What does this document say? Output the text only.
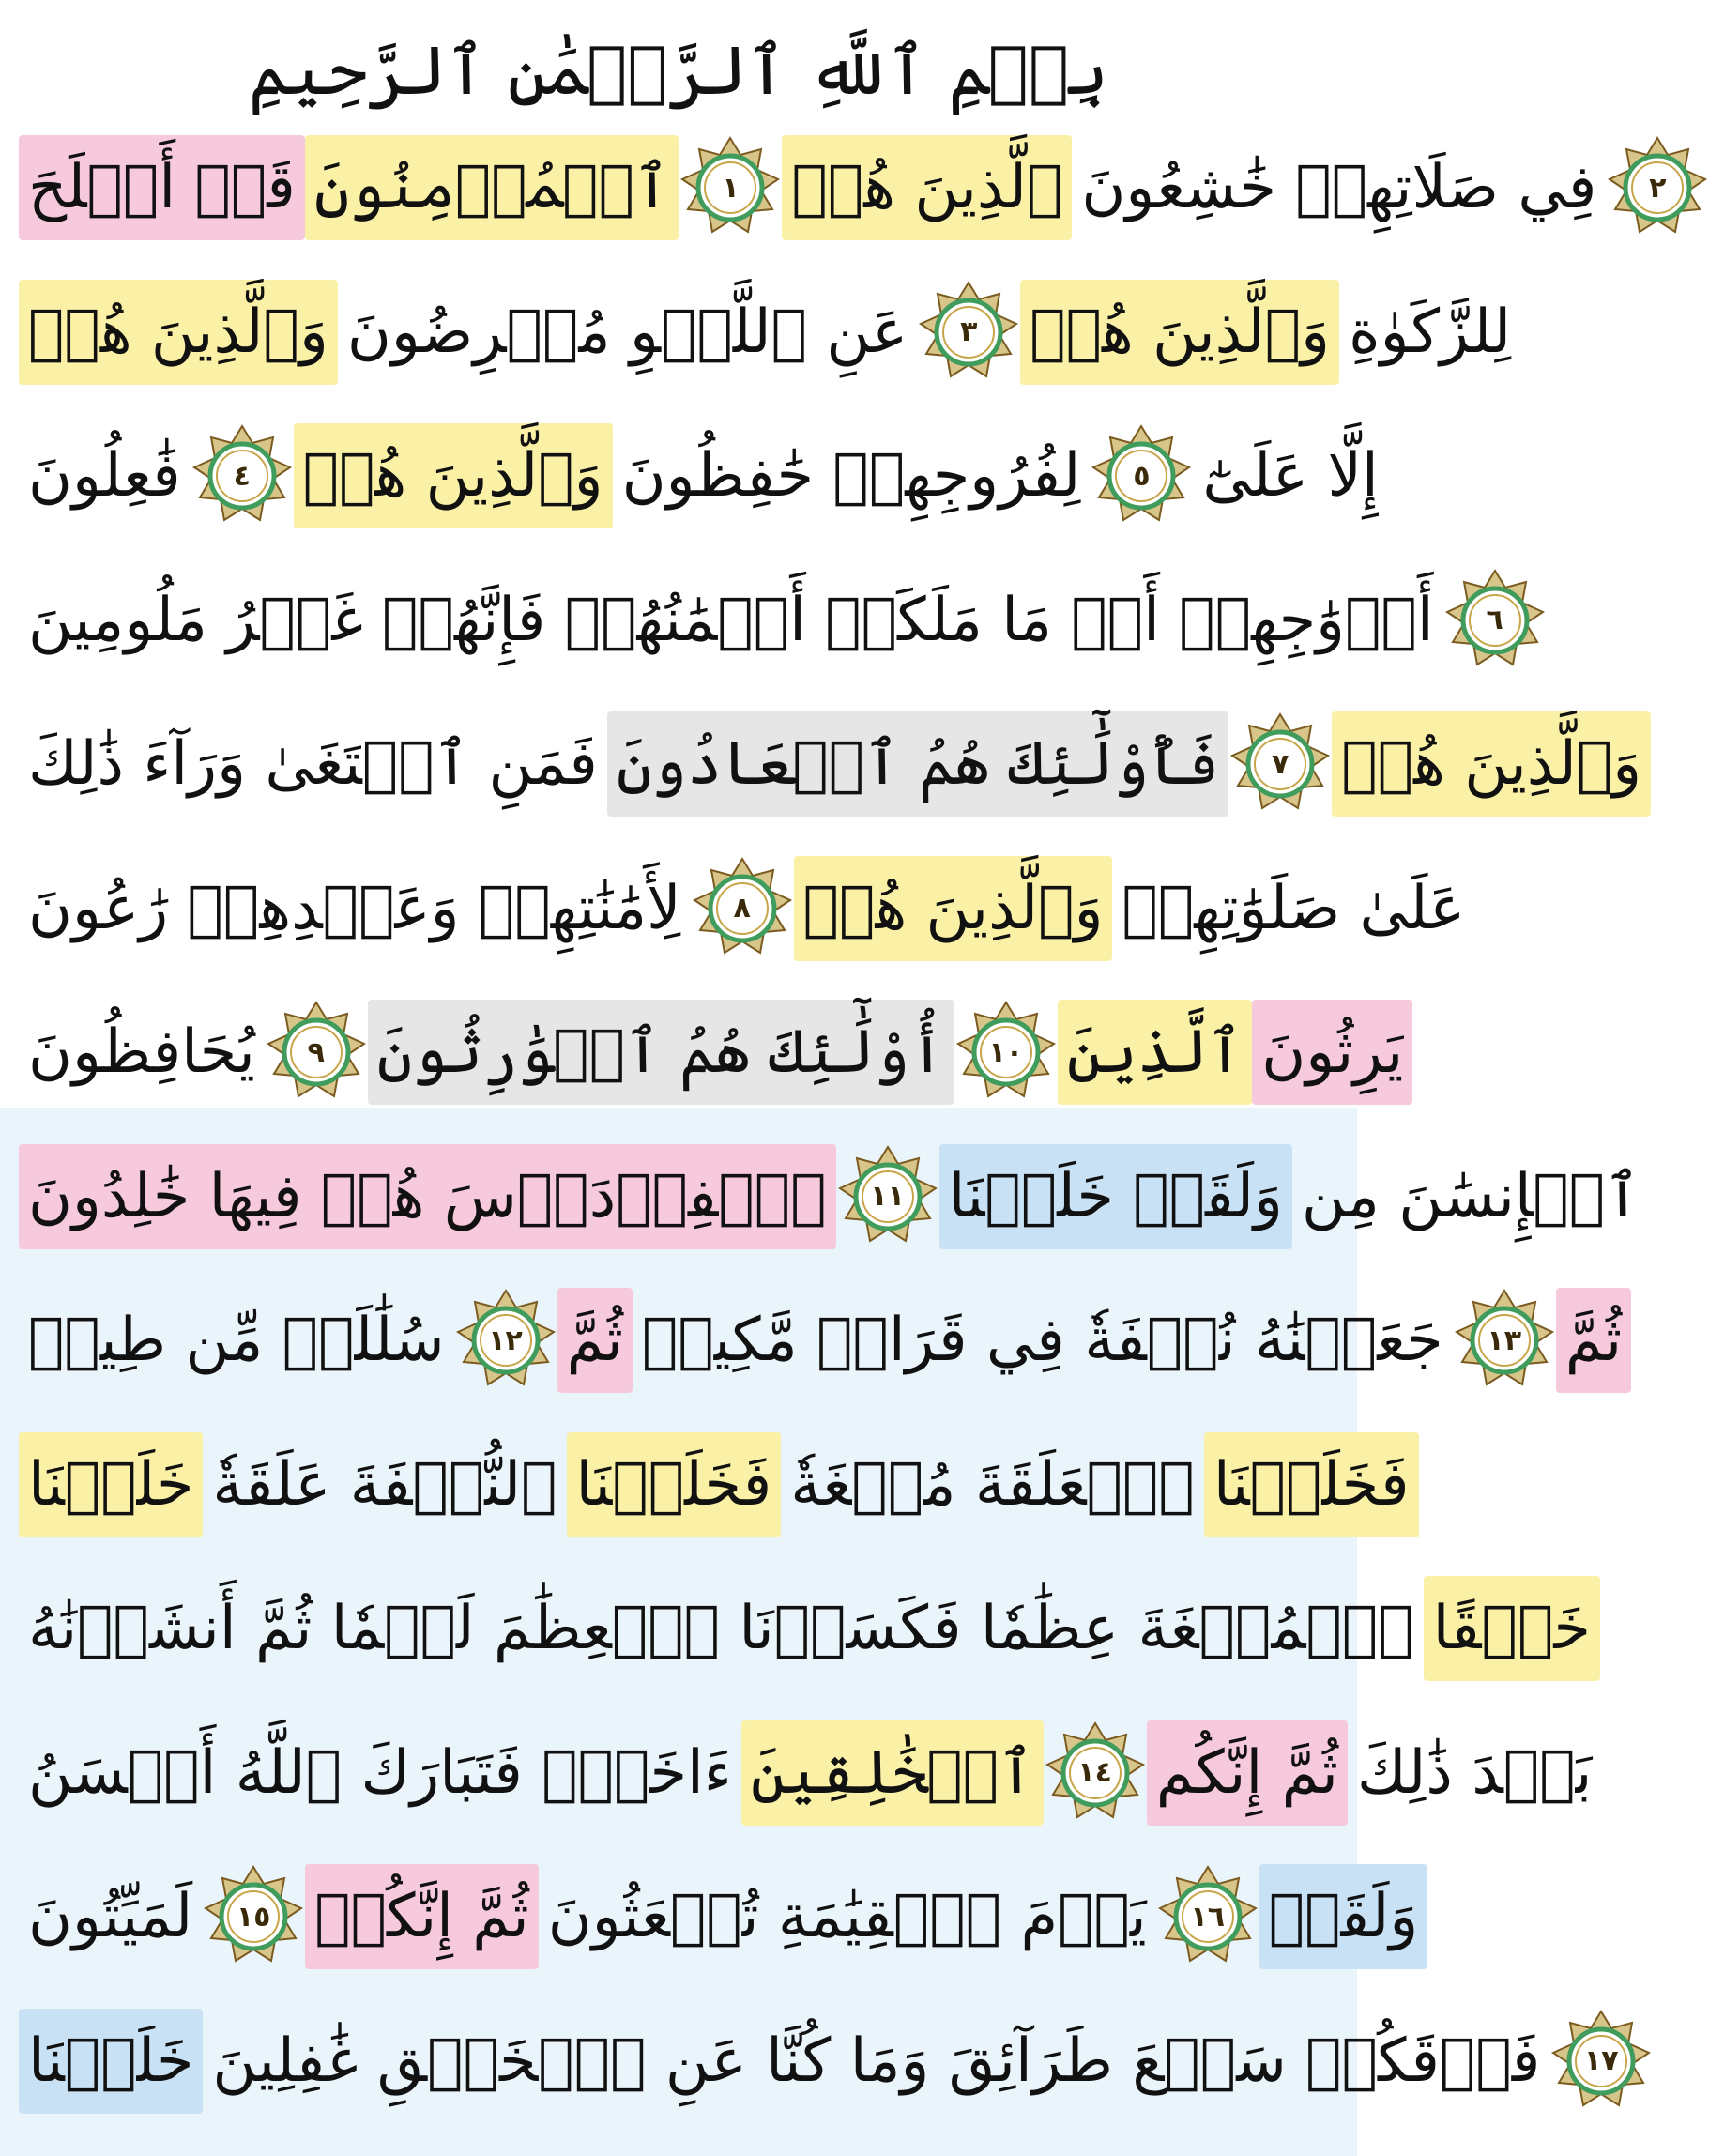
بِسۡمِ ٱللَّهِ ٱلرَّحۡمَٰنِ ٱلرَّحِيمِ
قَدۡ أَفۡلَحَ ٱلۡمُؤۡمِنُونَ	١ ٱلَّذِينَ هُمۡ فِي صَلَاتِهِمۡ خَٰشِعُونَ	٢
وَٱلَّذِينَ هُمۡ عَنِ ٱللَّغۡوِ مُعۡرِضُونَ	٣ وَٱلَّذِينَ هُمۡ لِلزَّكَوٰةِ
فَٰعِلُونَ	٤ وَٱلَّذِينَ هُمۡ لِفُرُوجِهِمۡ حَٰفِظُونَ	٥ إِلَّا عَلَىٰٓ
أَزۡوَٰجِهِمۡ أَوۡ مَا مَلَكَتۡ أَيۡمَٰنُهُمۡ فَإِنَّهُمۡ غَيۡرُ مَلُومِينَ	٦
فَمَنِ ٱبۡتَغَىٰ وَرَآءَ ذَٰلِكَ فَأُوْلَٰٓئِكَ هُمُ ٱلۡعَادُونَ	٧ وَٱلَّذِينَ هُمۡ
لِأَمَٰنَٰتِهِمۡ وَعَهۡدِهِمۡ رَٰعُونَ	٨ وَٱلَّذِينَ هُمۡ عَلَىٰ صَلَوَٰتِهِمۡ
يُحَافِظُونَ	٩ أُوْلَٰٓئِكَ هُمُ ٱلۡوَٰرِثُونَ	١٠ ٱلَّذِينَ يَرِثُونَ
ٱلۡفِرۡدَوۡسَ هُمۡ فِيهَا خَٰلِدُونَ	١١ وَلَقَدۡ خَلَقۡنَا ٱلۡإِنسَٰنَ مِن
سُلَٰلَةٖ مِّن طِينٖ	١٢ ثُمَّ جَعَلۡنَٰهُ نُطۡفَةٗ فِي قَرَارٖ مَّكِينٖ	١٣ ثُمَّ
خَلَقۡنَا ٱلنُّطۡفَةَ عَلَقَةٗ فَخَلَقۡنَا ٱلۡعَلَقَةَ مُضۡغَةٗ فَخَلَقۡنَا
ٱلۡمُضۡغَةَ عِظَٰمٗا فَكَسَوۡنَا ٱلۡعِظَٰمَ لَحۡمٗا ثُمَّ أَنشَأۡنَٰهُ خَلۡقًا
ءَاخَرَۚ فَتَبَارَكَ ٱللَّهُ أَحۡسَنُ ٱلۡخَٰلِقِينَ	١٤ ثُمَّ إِنَّكُم بَعۡدَ ذَٰلِكَ
لَمَيِّتُونَ	١٥ ثُمَّ إِنَّكُمۡ يَوۡمَ ٱلۡقِيَٰمَةِ تُبۡعَثُونَ	١٦ وَلَقَدۡ
خَلَقۡنَا فَوۡقَكُمۡ سَبۡعَ طَرَآئِقَ وَمَا كُنَّا عَنِ ٱلۡخَلۡقِ غَٰفِلِينَ	١٧
